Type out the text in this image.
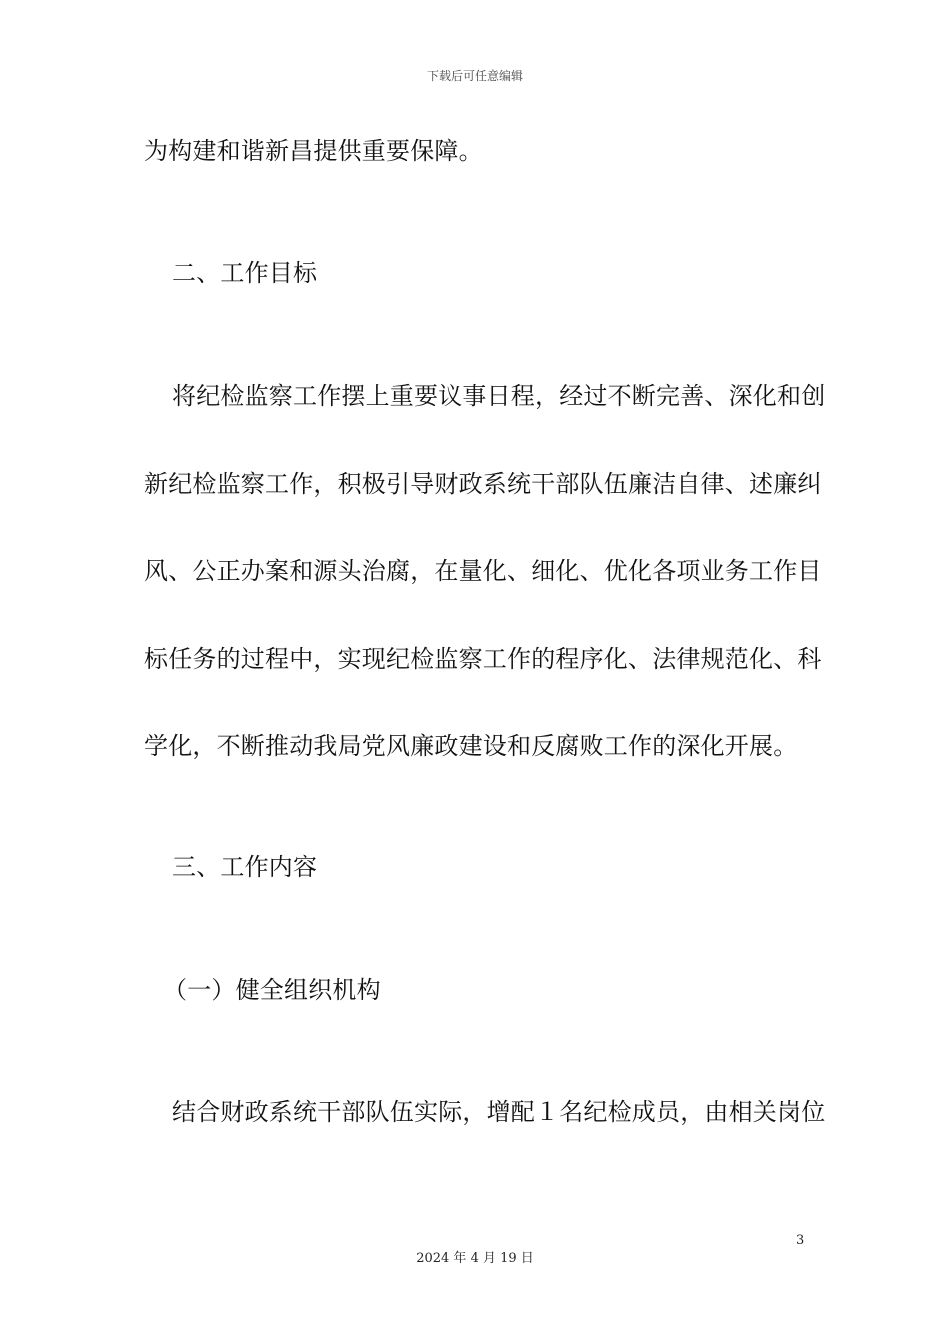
下载后可任意编辑
为构建和谐新昌提供重要保障。
二、工作目标
将纪检监察工作摆上重要议事日程，经过不断完善、深化和创
新纪检监察工作，积极引导财政系统干部队伍廉洁自律、述廉纠
风、公正办案和源头治腐，在量化、细化、优化各项业务工作目
标任务的过程中，实现纪检监察工作的程序化、法律规范化、科
学化，不断推动我局党风廉政建设和反腐败工作的深化开展。
三、工作内容
（一）健全组织机构
结合财政系统干部队伍实际，增配１名纪检成员，由相关岗位
3
2024 年 4 月 19 日
